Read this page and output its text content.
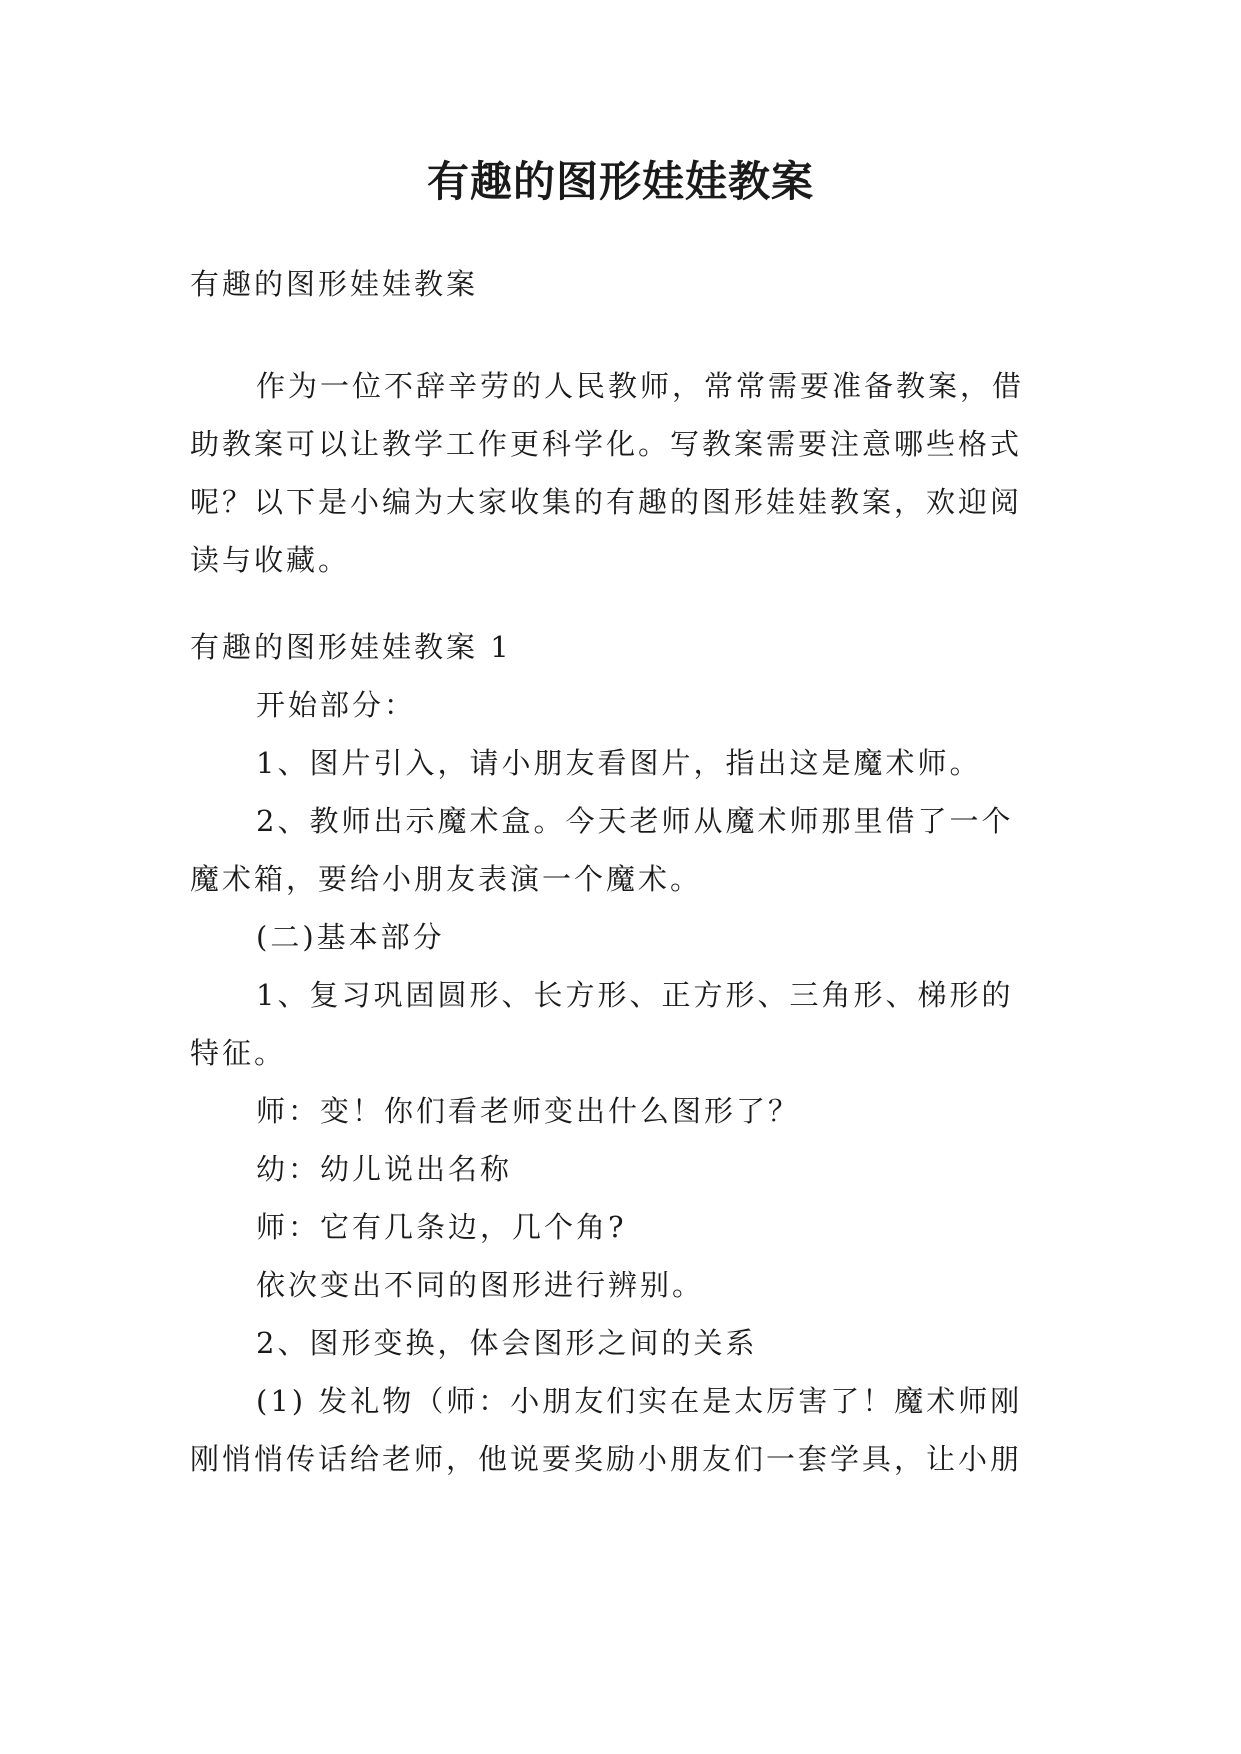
有趣的图形娃娃教案

有趣的图形娃娃教案

作为一位不辞辛劳的人民教师，常常需要准备教案，借
助教案可以让教学工作更科学化。写教案需要注意哪些格式
呢？以下是小编为大家收集的有趣的图形娃娃教案，欢迎阅
读与收藏。

有趣的图形娃娃教案 1
开始部分：
1、图片引入，请小朋友看图片，指出这是魔术师。
2、教师出示魔术盒。今天老师从魔术师那里借了一个
魔术箱，要给小朋友表演一个魔术。
(二)基本部分
1、复习巩固圆形、长方形、正方形、三角形、梯形的
特征。
师：变！你们看老师变出什么图形了？
幼：幼儿说出名称
师：它有几条边，几个角?
依次变出不同的图形进行辨别。
2、图形变换，体会图形之间的关系
(1) 发礼物（师：小朋友们实在是太厉害了！魔术师刚
刚悄悄传话给老师，他说要奖励小朋友们一套学具，让小朋
